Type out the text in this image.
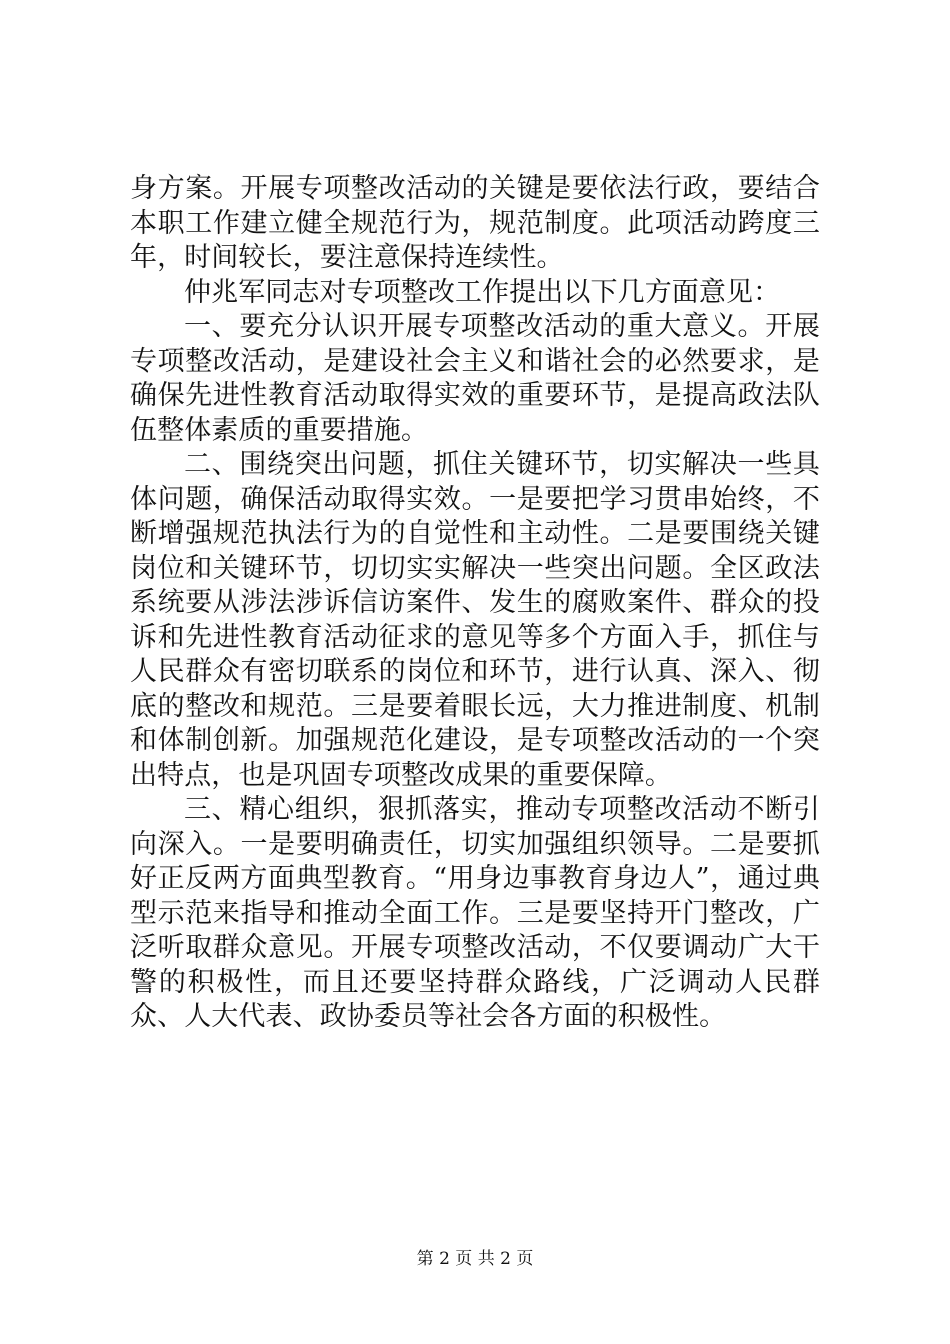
身方案。开展专项整改活动的关键是要依法行政，要结合本职工作建立健全规范行为，规范制度。此项活动跨度三年，时间较长，要注意保持连续性。

仲兆军同志对专项整改工作提出以下几方面意见：

一、要充分认识开展专项整改活动的重大意义。开展专项整改活动，是建设社会主义和谐社会的必然要求，是确保先进性教育活动取得实效的重要环节，是提高政法队伍整体素质的重要措施。

二、围绕突出问题，抓住关键环节，切实解决一些具体问题，确保活动取得实效。一是要把学习贯串始终，不断增强规范执法行为的自觉性和主动性。二是要围绕关键岗位和关键环节，切切实实解决一些突出问题。全区政法系统要从涉法涉诉信访案件、发生的腐败案件、群众的投诉和先进性教育活动征求的意见等多个方面入手，抓住与人民群众有密切联系的岗位和环节，进行认真、深入、彻底的整改和规范。三是要着眼长远，大力推进制度、机制和体制创新。加强规范化建设，是专项整改活动的一个突出特点，也是巩固专项整改成果的重要保障。

三、精心组织，狠抓落实，推动专项整改活动不断引向深入。一是要明确责任，切实加强组织领导。二是要抓好正反两方面典型教育。“用身边事教育身边人”，通过典型示范来指导和推动全面工作。三是要坚持开门整改，广泛听取群众意见。开展专项整改活动，不仅要调动广大干警的积极性，而且还要坚持群众路线，广泛调动人民群众、人大代表、政协委员等社会各方面的积极性。

第 2 页 共 2 页
